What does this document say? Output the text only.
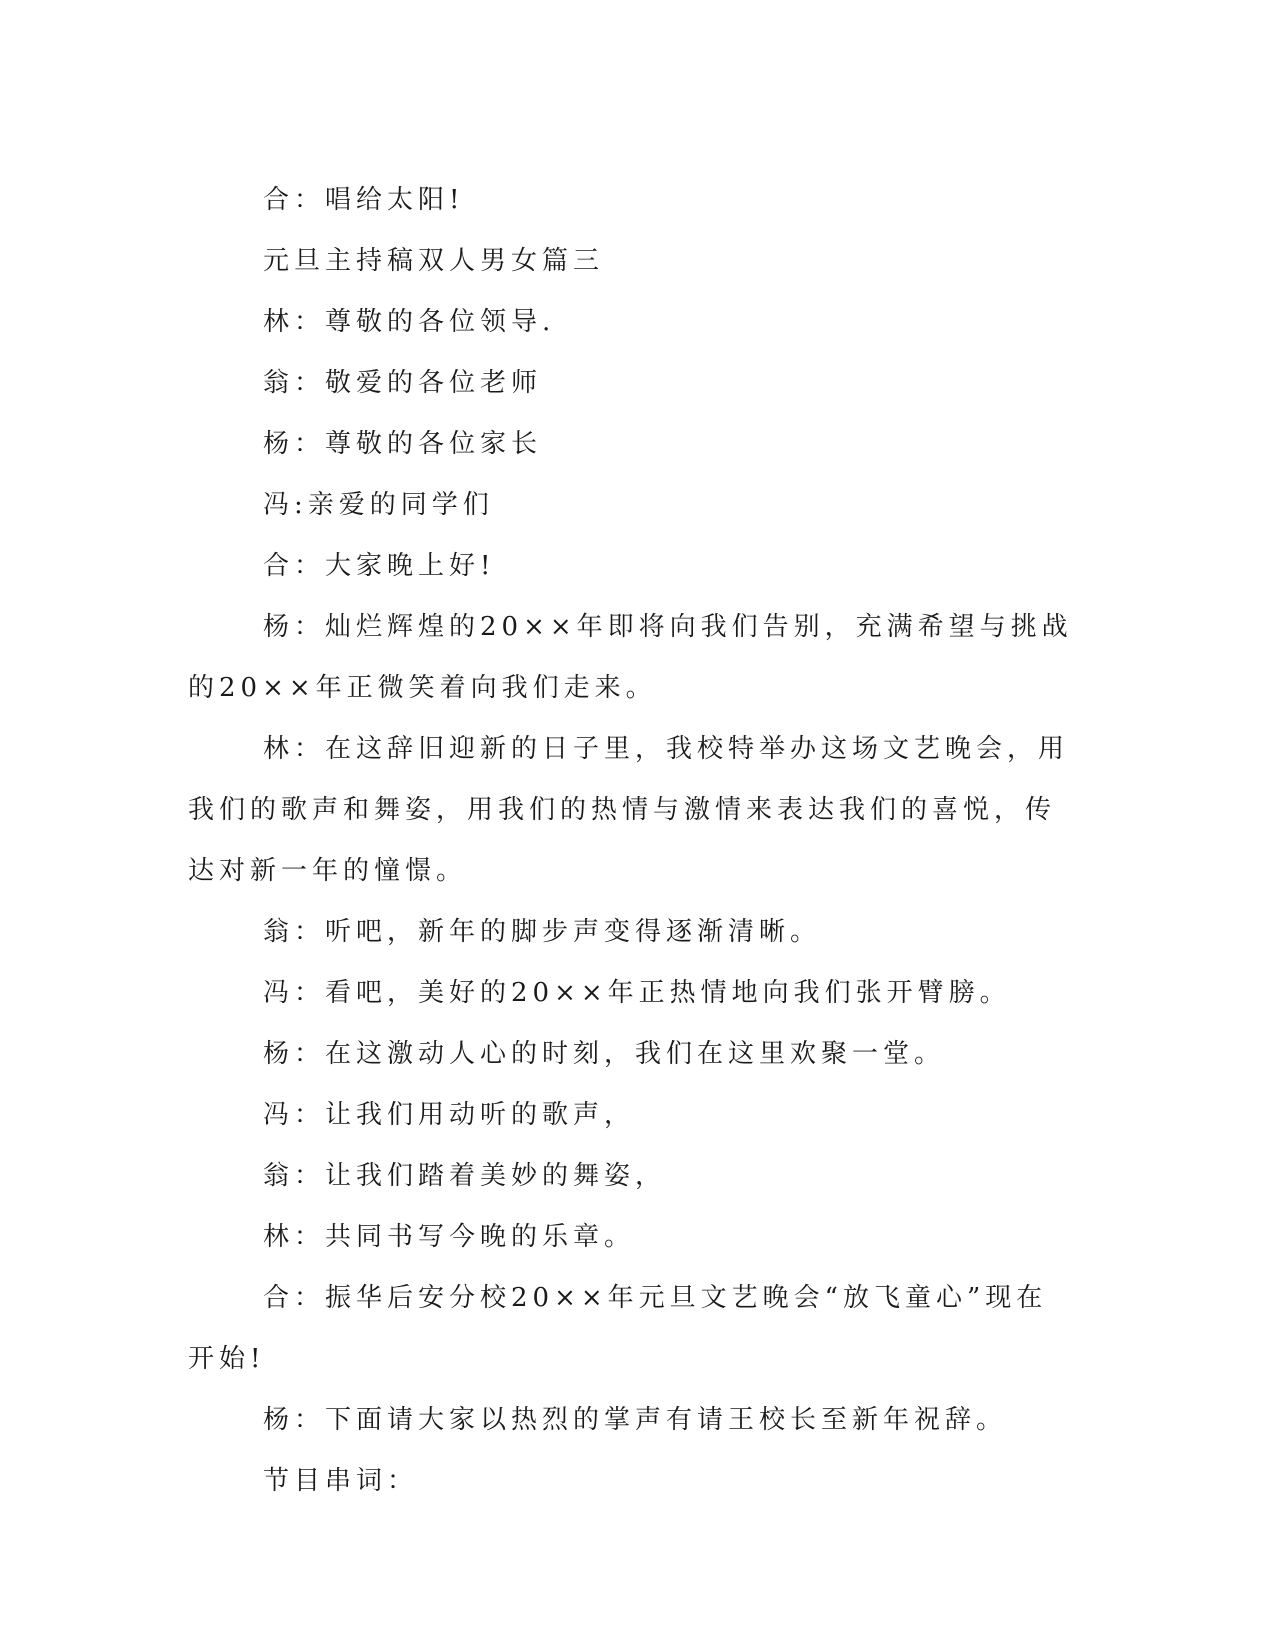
合：唱给太阳!

元旦主持稿双人男女篇三

林：尊敬的各位领导.

翁：敬爱的各位老师

杨：尊敬的各位家长

冯:亲爱的同学们

合：大家晚上好!

杨：灿烂辉煌的20××年即将向我们告别，充满希望与挑战的20××年正微笑着向我们走来。

林：在这辞旧迎新的日子里，我校特举办这场文艺晚会，用我们的歌声和舞姿，用我们的热情与激情来表达我们的喜悦，传达对新一年的憧憬。

翁：听吧，新年的脚步声变得逐渐清晰。

冯：看吧，美好的20××年正热情地向我们张开臂膀。

杨：在这激动人心的时刻，我们在这里欢聚一堂。

冯：让我们用动听的歌声，

翁：让我们踏着美妙的舞姿，

林：共同书写今晚的乐章。

合：振华后安分校20××年元旦文艺晚会“放飞童心”现在开始!

杨：下面请大家以热烈的掌声有请王校长至新年祝辞。

节目串词：
